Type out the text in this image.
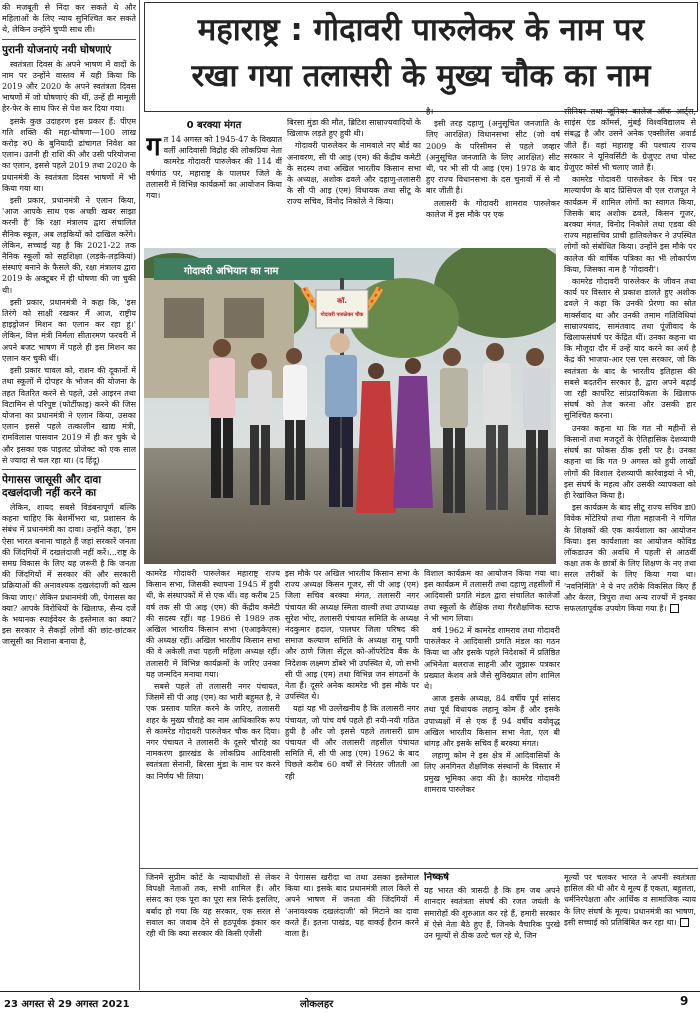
की मजबूती से निंदा कर सकते थे और महिलाओं के लिए न्याय सुनिश्चित कर सकते थे, लेकिन उन्होंने चुप्पी साध ली।

पुरानी योजनाएं नयी घोषणाएं

स्वतंत्रता दिवस के अपने भाषण में वादों के नाम पर उन्होंने वास्तव में यही किया कि 2019 और 2020 के अपने स्वतंत्रता दिवस भाषणों में जो घोषणाएं की थीं, उन्हें ही मामूली हेर-फेर के साथ फिर से पेश कर दिया गया।

इसके कुछ उदाहरण इस प्रकार हैं: पीएम गति शक्ति की महा-घोषणा—100 लाख करोड़ रु0 के बुनियादी ढांचागत निवेश का एलान। उतनी ही राशि की और उसी परियोजना का एलान, इससे पहले 2019 तथा 2020 के प्रधानमंत्री के स्वतंत्रता दिवस भाषणों में भी किया गया था।

इसी प्रकार, प्रधानमंत्री ने एलान किया, 'आज आपके साथ एक अच्छी खबर साझा करनी है' कि रक्षा मंत्रालय द्वारा संचालित सैनिक स्कूल, अब लड़कियों को दाखिल करेंगे। लेकिन, सच्चाई यह है कि 2021-22 तक नैनिक स्कूलों को सहशिक्षा (लड़के-लड़कियां) संस्थाएं बनाने के फैसले की, रक्षा मंत्रालय द्वारा 2019 के अक्टूबर में ही घोषणा की जा चुकी थी।

इसी प्रकार, प्रधानमंत्री ने कहा कि, 'इस तिरंगे को साक्षी रखकर मैं आज, राष्ट्रीय हाइड्रोजन मिशन का एलान कर रहा हूं।' लेकिन, वित्त मंत्री निर्मला सीतारमण फरवरी में अपने बजट भाषण में पहले ही इस मिशन का एलान कर चुकी थीं।

इसी प्रकार चावल को, राशन की दूकानों में तथा स्कूलों में दोपहर के भोजन की योजना के तहत वितरित करने से पहले, उसे आइरन तथा विटामिन से परिपुष्ट (फोर्टीफाइ) करने की जिस योजना का प्रधानमंत्री ने एलान किया, उसका एलान इससे पहले तत्कालीन खाद्य मंत्री, रामविलास पासवान 2019 में ही कर चुके थे और इसका एक पाइलट प्रोजेक्ट को एक साल से ज्यादा से चल रहा था। (द हिंदू)

पेगासस जासूसी और दावा दखलंदाजी नहीं करने का

लेकिन, शायद सबसे विडंबनापूर्ण बल्कि कहना चाहिए कि बेशर्मीभरा था, प्रशासन के संबंध में प्रधानमंत्री का दावा। उन्होंने कहा, 'हम ऐसा भारत बनाना चाहते हैं जहां सरकारें जनता की जिंदगियों में दखलंदाजी नहीं करें।...राष्ट्र के समग्र विकास के लिए यह जरूरी है कि जनता की जिंदगियों में सरकार की और सरकारी प्रक्रियाओं की अनावश्यक दखलंदाजी को खत्म किया जाए।' लेकिन प्रधानमंत्री जी, पेगासस का क्या? आपके विरोधियों के खिलाफ, सैन्य दर्जे के भयानक स्पाईवेयर के इस्तेमाल का क्या? इस सरकार ने सैकड़ों लोगों की छांट-छांटकर जासूसी का निशाना बनाया है,

महाराष्ट्र : गोदावरी पारुलेकर के नाम पर
रखा गया तलासरी के मुख्य चौक का नाम
0 बरक्या मंगत

गत 14 अगस्त को 1945-47 के विख्यात वर्ली आदिवासी विद्रोह की लोकप्रिया नेता कामरेड गोदावरी पारुलेकर की 114 वीं वर्षगांठ पर, महाराष्ट्र के पालघर जिले के तलासरी में विभिन्न कार्यक्रमों का आयोजन किया गया।

बिरसा मुंडा की मौत, ब्रिटिश साम्राज्यवादियों के खिलाफ लड़ते हुए हुयी थी।

गोदावरी पारुलेकर के नामवाले नए बोर्ड का अनावरण, सी पी आइ (एम) की केंद्रीय कमेटी के सदस्य तथा अखिल भारतीय किसान सभा के अध्यक्ष, अशोक ढवले और दहाणु-तलासरी के सी पी आइ (एम) विधायक तथा सीटू के राज्य सचिव, विनोद निकोले ने किया।

है।

इसी तरह दहाणु (अनुसूचित जनजाति के लिए आरक्षित) विधानसभा सीट (जो वर्ष 2009 के परिसीमन से पहले जव्हार (अनुसूचित जनजाति के लिए आरक्षित) सीट थी, पर भी सी पी आइ (एम) 1978 के बाद हुए राज्य विधानसभा के दस चुनावों में से नौ बार जीती है।

तलासरी के गोदावरी शामराव पारुलेकर कालेज में इस मौके पर एक

सीनियर तथा जूनियर कालेज ऑफ आर्ट्स, साइंस एंड कॉमर्स, मुंबई विश्वविद्यालय से संबद्ध है और उसने अनेक एक्सीलेंस अवार्ड जीते हैं। वहां महाराष्ट्र की पश्चात्य राज्य सरकार ने यूनिवर्सिटी के ग्रेजुएट तथा पोस्ट ग्रेजुएट कोर्स भी चलाए जाते हैं।

कामरेड गोदावरी पारुलेकर के चित्र पर माल्यार्पण के बाद प्रिंसिपल वी एल राजपूत ने कार्यक्रम में शामिल लोगों का स्वागत किया, जिसके बाद अशोक ढवले, किसन गूजर, बरक्या मंगत, विनोद निकोले तथा एडवा की राज्य महासचिव प्राची हातिवलेकर ने उपस्थित लोगों को संबोधित किया। उन्होंने इस मौके पर कालेज की वार्षिक पत्रिका का भी लोकार्पण किया, जिसका नाम है 'गोदावरी'।

कामरेड गोदावरी पारुलेकर के जीवन तथा कार्य पर विस्तार से प्रकाश डालते हुए अशोक ढवले ने कहा कि उनकी प्रेरणा का स्रोत मार्क्सवाद था और उनकी तमाम गतिविधियां साम्राज्यवाद, सामंतवाद तथा पूंजीवाद के खिलाफसंघर्ष पर केंद्रित थीं। उनका कहना था कि मौजूदा दौर में उन्हें याद करने का अर्थ है केंद्र की भाजपा-आर एस एस सरकार, जो कि स्वतंत्रता के बाद के भारतीय इतिहास की सबसे बदतरीन सरकार है, द्वारा अपने बढ़ाई जा रही कार्पोरेट सांप्रदायिकता के खिलाफ संघर्ष को तेज करना और उसकी हार सुनिश्चित करना।

उनका कहना था कि गत नौ महीनों से किसानों तथा मजदूरों के ऐतिहासिक देशव्यापी संघर्ष का फोकस ठीक इसी पर है। उनका कहना था कि गत 9 अगस्त को हुयी लाखों लोगों की विशाल देशव्यापी कार्रवाइयां ने भी, इस संघर्ष के महत्व और उसकी व्यापकता को ही रेखांकित किया है।

इस कार्यक्रम के बाद सीटू राज्य सचिव डा0 विवेक मोंटेरियो तथा गीता महाजनी ने गणित के शिक्षकों की एक कार्यशाला का आयोजन किया। इस कार्यशाला का आयोजन कोविड लॉकडाउन की अवधि में पहली से आठवीं कक्षा तक के छात्रों के लिए शिक्षण के नए तथा सरल तरीकों के लिए किया गया था। 'नवनिर्मिति' ने ये नए तरीके विकसित किए हैं और केरल, त्रिपुरा तथा अन्य राज्यों में इनका सफलतापूर्वक उपयोग किया गया है।

गोदावरी अभियान का नाम
कॉ.
गोदावरी पारुळेकर चौक

कामरेड गोदावरी पारुलेकर महाराष्ट्र राज्य किसान सभा, जिसकी स्थापना 1945 में हुयी थी, के संस्थापकों में से एक थीं। वह करीब 25 वर्ष तक सी पी आइ (एम) की केंद्रीय कमेटी की सदस्य रहीं। वह 1986 से 1989 तक अखिल भारतीय किसान सभा (एआइकेएस) की अध्यक्ष रहीं। अखिल भारतीय किसान सभा की वे अकेली तथा पहली महिला अध्यक्ष रहीं। तलासरी में विभिन्न कार्यक्रमों के जरिए उनका यह जन्मदिन मनाया गया।

सबसे पहले तो तलासरी नगर पंचायत, जिसमें सी पी आइ (एम) का भारी बहुमत है, ने एक प्रस्ताव पारित करने के जरिए, तलासरी शहर के मुख्य चौराहे का नाम आधिकारिक रूप से कामरेड गोदावरी पारुलेकर चौक कर दिया। नगर पंचायत ने तलासरी के दूसरे चौराहे का नामकरण झारखंड के लोकप्रिय आदिवासी स्वतंत्रता सेनानी, बिरसा मुंडा के नाम पर करने का निर्णय भी लिया।

इस मौके पर अखिल भारतीय किसान सभा के राज्य अध्यक्ष किसन गूजर, सी पी आइ (एम) जिला सचिव बरक्या मंगत, तलासरी नगर पंचायत की अध्यक्ष स्मिता वाल्वी तथा उपाध्यक्ष सुरेश भोए, तलासरी पंचायत समिति के अध्यक्ष नंदकुमार हदाल, पालघर जिला परिषद की समाज कल्याण समिति के अध्यक्ष रामू पागी और ठाणे जिला सेंट्रल को-ऑपरेटिव बैंक के निदेशक लक्ष्मण डोंबरे भी उपस्थित थे, जो सभी सी पी आइ (एम) तथा विभिन्न जन संगठनों के नेता हैं। दूसरे अनेक कामरेड भी इस मौके पर उपस्थित थे।

यहां यह भी उल्लेखनीय है कि तलासरी नगर पंचायत, जो पांच वर्ष पहले ही नयी-नयी गठित हुयी है और जो इससे पहले तलासरी ग्राम पंचायत थी और तलासरी तहसील पंचायत समिति में, सी पी आइ (एम) 1962 के बाद पिछले करीब 60 वर्षों से निरंतर जीतती आ रही

विशाल कार्यक्रम का आयोजन किया गया था। इस कार्यक्रम में तलासरी तथा दहाणु तहसीलों में आदिवासी प्रगति मंडल द्वारा संचालित कालेजों तथा स्कूलों के शैक्षिक तथा गैरशैक्षणिक स्टाफ ने भी भाग लिया।

वर्ष 1962 में कामरेड शामराव तथा गोदावरी पारुलेकर ने आदिवासी प्रगति मंडल का गठन किया था और इसके पहले निदेशकों में प्रतिष्ठित अभिनेता बलराज साहनी और जुझारू पत्रकार प्रख्यात केशव अत्रे जैसे सुविख्यात लोग शामिल थे।

आज इसके अध्यक्ष, 84 वर्षीय पूर्व सांसद तथा पूर्व विधायक लहानू कोम हैं और इसके उपाध्यक्षों में से एक हैं 94 वर्षीय वयोवृद्ध अखिल भारतीय किसान सभा नेता, एल बी धांगड़ और इसके सचिव हैं बरक्या मंगत।

लहाणु कोम ने इस क्षेत्र में आदिवासियों के लिए अनगिनत शैक्षणिक संस्थानों के विस्तार में प्रमुख भूमिका अदा की है। कामरेड गोदावरी शामराव पारुलेकर

जिनमें सुप्रीम कोर्ट के न्यायाधीशों से लेकर विपक्षी नेताओं तक, सभी शामिल हैं। और संसद का एक पूरा का पूरा सत्र सिर्फ इसलिए, बर्बाद हो गया कि यह सरकार, एक सरल से सवाल का जवाब देने से हठपूर्वक इंकार कर रही थी कि क्या सरकार की किसी एजेंसी

ने पेगासस खरीदा था तथा उसका इस्तेमाल किया था। इसके बाद प्रधानमंत्री लाल किले से अपने भाषण में जनता की जिंदगियों में 'अनावश्यक दखलंदाजी' को मिटाने का दावा करते हैं। इतना पाखंड, यह वाकई हैरान करने वाला है।

निष्कर्ष

यह भारत की त्रासदी है कि हम जब अपने शानदार स्वतंत्रता संघर्ष की रजत जयंती के समारोहों की शुरुआत कर रहे हैं, हमारी सरकार में ऐसे नेता बैठे हुए हैं, जिनके वैचारिक पुरखे उन मूल्यों से ठीक उल्टे चल रहे थे, जिन

मूल्यों पर चलकर भारत ने अपनी स्वतंत्रता हासिल की थी और ये मूल्य हैं एकता, बहुलता, धर्मनिरपेक्षता और आर्थिक व सामाजिक न्याय के लिए संघर्ष के मूल्य। प्रधानमंत्री का भाषण, इसी सच्चाई को प्रतिबिंबित कर रहा था।

23 अगस्त से 29 अगस्त 2021	लोकलहर	9
